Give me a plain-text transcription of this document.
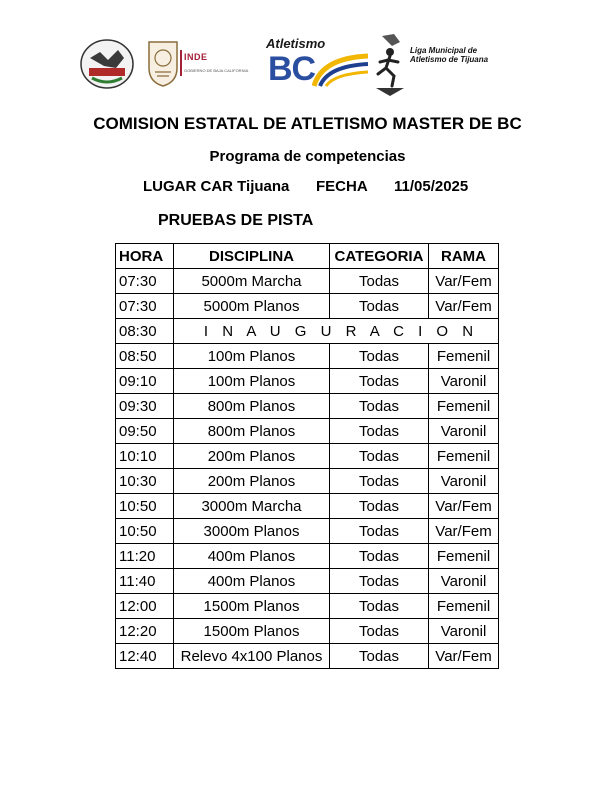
INDE
GOBIERNO DE BAJA CALIFORNIA
Atletismo
BC	Liga Municipal de Atletismo de Tijuana
COMISION ESTATAL DE ATLETISMO MASTER DE BC
Programa de competencias
LUGAR CAR Tijuana FECHA 11/05/2025
PRUEBAS DE PISTA
HORA	DISCIPLINA	CATEGORIA	RAMA
07:30	5000m Marcha	Todas	Var/Fem
07:30	5000m Planos	Todas	Var/Fem
08:30	I N A U G U R A C I O N		
08:50	100m Planos	Todas	Femenil
09:10	100m Planos	Todas	Varonil
09:30	800m Planos	Todas	Femenil
09:50	800m Planos	Todas	Varonil
10:10	200m Planos	Todas	Femenil
10:30	200m Planos	Todas	Varonil
10:50	3000m Marcha	Todas	Var/Fem
10:50	3000m Planos	Todas	Var/Fem
11:20	400m Planos	Todas	Femenil
11:40	400m Planos	Todas	Varonil
12:00	1500m Planos	Todas	Femenil
12:20	1500m Planos	Todas	Varonil
12:40	Relevo 4x100 Planos	Todas	Var/Fem
